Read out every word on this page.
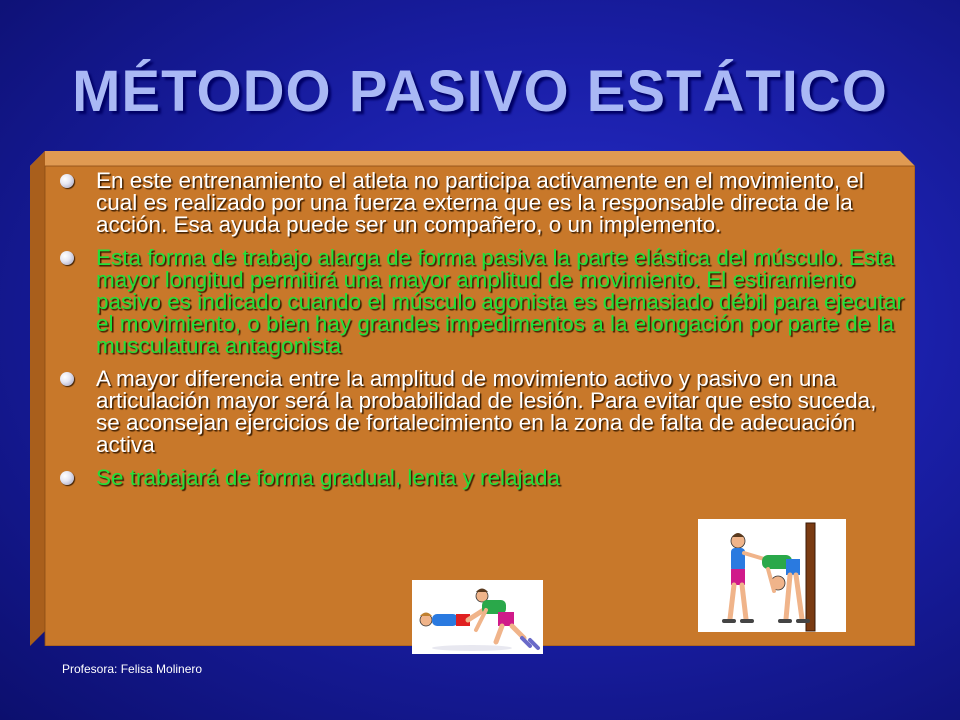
MÉTODO PASIVO ESTÁTICO
En este entrenamiento el atleta no participa activamente en el movimiento, el cual es realizado por una fuerza externa que es la responsable directa de la acción. Esa ayuda puede ser un compañero, o un implemento.
Esta forma de trabajo alarga de forma pasiva la parte elástica del músculo. Esta mayor longitud permitirá una mayor amplitud de movimiento. El estiramiento pasivo es indicado cuando el músculo agonista es demasiado débil para ejecutar el movimiento, o bien hay grandes impedimentos a la elongación por parte de la musculatura antagonista
A mayor diferencia entre la amplitud de movimiento activo y pasivo en una articulación mayor será la probabilidad de lesión. Para evitar que esto suceda, se aconsejan ejercicios de fortalecimiento en la zona de falta de adecuación activa
Se trabajará de forma gradual, lenta y relajada
Profesora: Felisa Molinero
